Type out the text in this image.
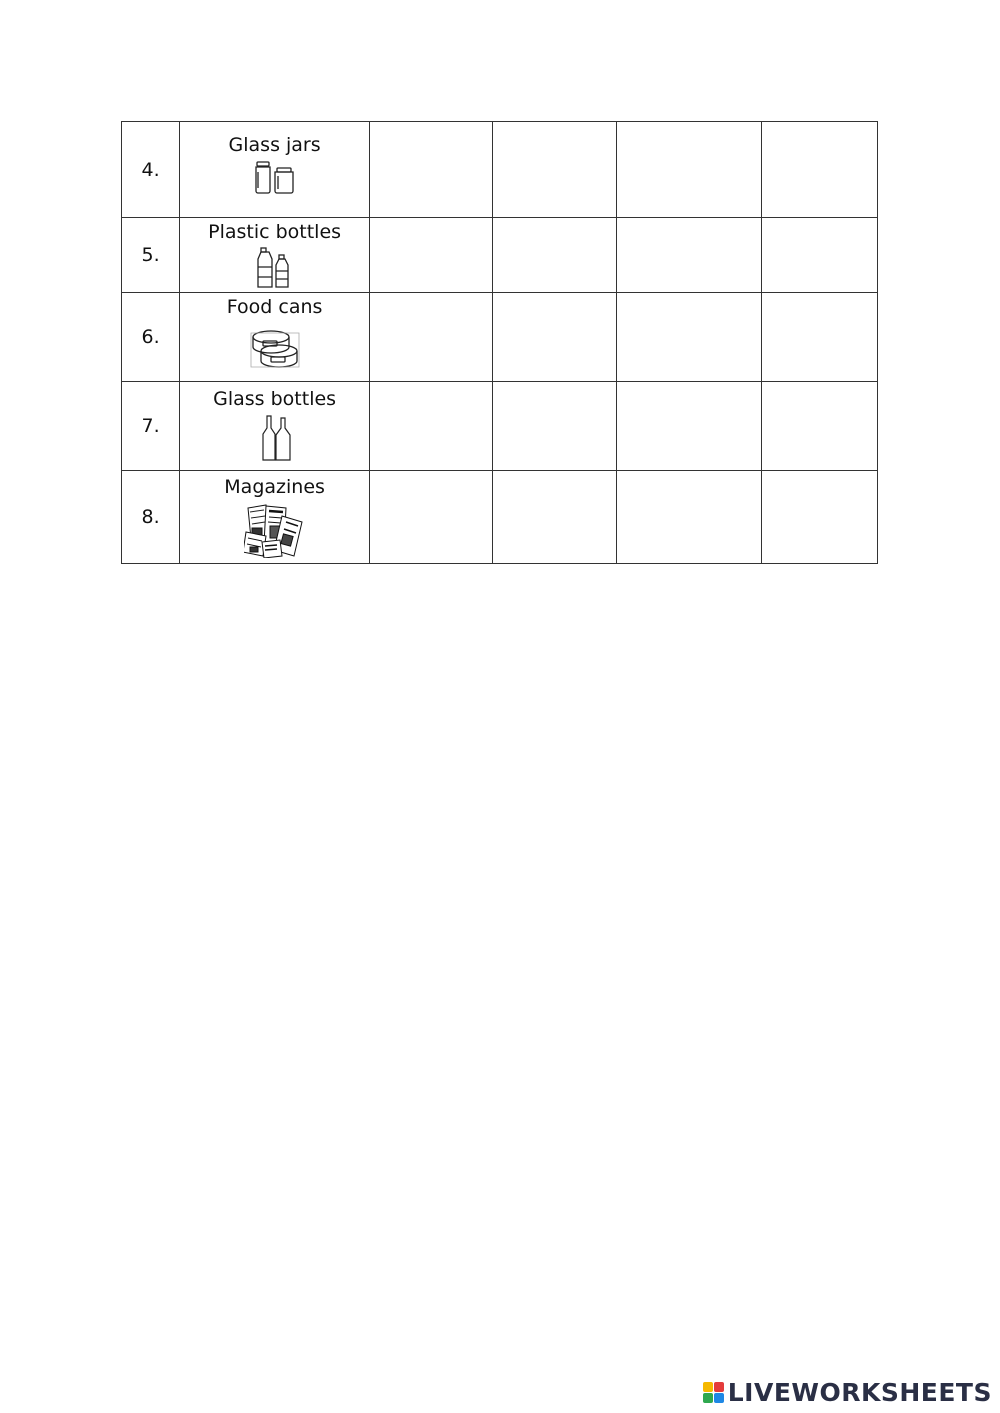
4.	Glass jars				

5.	Plastic bottles				

6.	Food cans				

7.	Glass bottles				

8.	Magazines				

LIVEWORKSHEETS
